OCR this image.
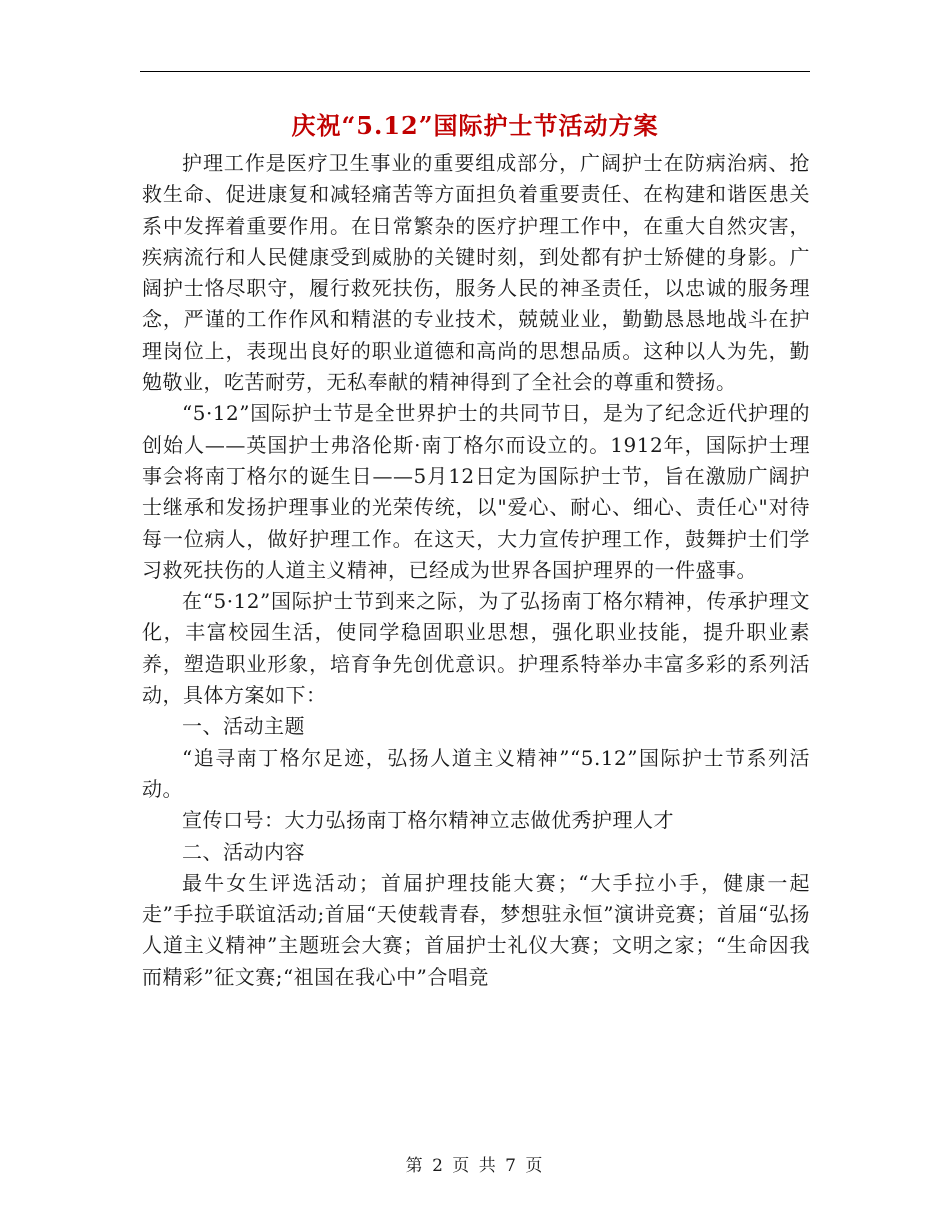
庆祝“5.12”国际护士节活动方案

护理工作是医疗卫生事业的重要组成部分，广阔护士在防病治病、抢救生命、促进康复和减轻痛苦等方面担负着重要责任、在构建和谐医患关系中发挥着重要作用。在日常繁杂的医疗护理工作中，在重大自然灾害，疾病流行和人民健康受到威胁的关键时刻，到处都有护士矫健的身影。广阔护士恪尽职守，履行救死扶伤，服务人民的神圣责任，以忠诚的服务理念，严谨的工作作风和精湛的专业技术，兢兢业业，勤勤恳恳地战斗在护理岗位上，表现出良好的职业道德和高尚的思想品质。这种以人为先，勤勉敬业，吃苦耐劳，无私奉献的精神得到了全社会的尊重和赞扬。

“5·12”国际护士节是全世界护士的共同节日，是为了纪念近代护理的创始人——英国护士弗洛伦斯·南丁格尔而设立的。1912年，国际护士理事会将南丁格尔的诞生日——5月12日定为国际护士节，旨在激励广阔护士继承和发扬护理事业的光荣传统，以"爱心、耐心、细心、责任心"对待每一位病人，做好护理工作。在这天，大力宣传护理工作，鼓舞护士们学习救死扶伤的人道主义精神，已经成为世界各国护理界的一件盛事。

在“5·12”国际护士节到来之际，为了弘扬南丁格尔精神，传承护理文化，丰富校园生活，使同学稳固职业思想，强化职业技能，提升职业素养，塑造职业形象，培育争先创优意识。护理系特举办丰富多彩的系列活动，具体方案如下：

一、活动主题

“追寻南丁格尔足迹，弘扬人道主义精神”“5.12”国际护士节系列活动。

宣传口号：大力弘扬南丁格尔精神立志做优秀护理人才

二、活动内容

最牛女生评选活动；首届护理技能大赛；“大手拉小手，健康一起走”手拉手联谊活动;首届“天使载青春，梦想驻永恒”演讲竞赛；首届“弘扬人道主义精神”主题班会大赛；首届护士礼仪大赛；文明之家；“生命因我而精彩”征文赛;“祖国在我心中”合唱竞

第 2 页 共 7 页
